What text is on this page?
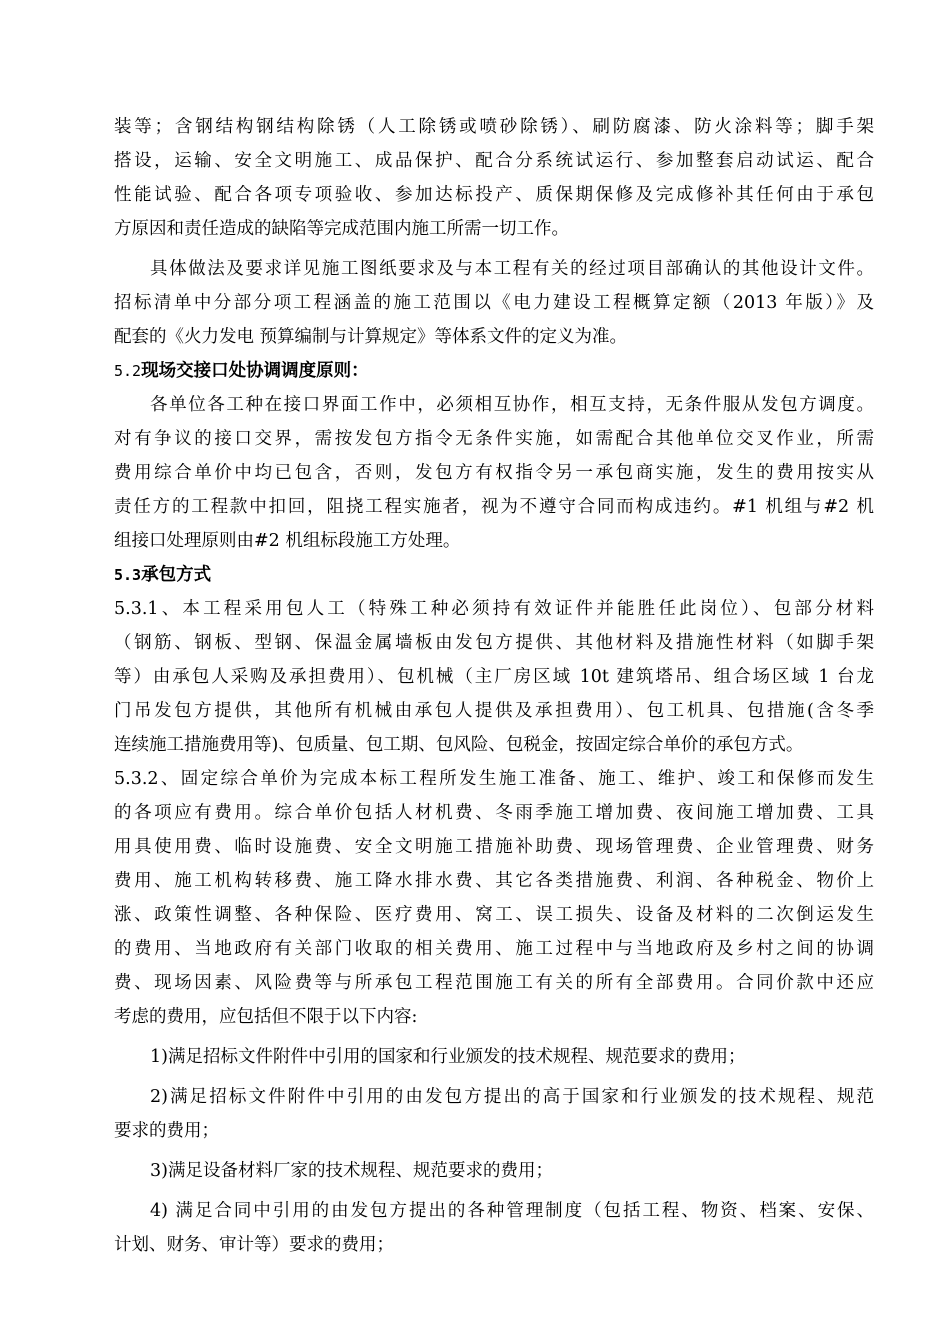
装等；含钢结构钢结构除锈（人工除锈或喷砂除锈）、刷防腐漆、防火涂料等；脚手架
搭设，运输、安全文明施工、成品保护、配合分系统试运行、参加整套启动试运、配合
性能试验、配合各项专项验收、参加达标投产、质保期保修及完成修补其任何由于承包
方原因和责任造成的缺陷等完成范围内施工所需一切工作。

具体做法及要求详见施工图纸要求及与本工程有关的经过项目部确认的其他设计文件。
招标清单中分部分项工程涵盖的施工范围以《电力建设工程概算定额（2013 年版）》及
配套的《火力发电 预算编制与计算规定》等体系文件的定义为准。

5.2现场交接口处协调调度原则：

各单位各工种在接口界面工作中，必须相互协作，相互支持，无条件服从发包方调度。
对有争议的接口交界，需按发包方指令无条件实施，如需配合其他单位交叉作业，所需
费用综合单价中均已包含，否则，发包方有权指令另一承包商实施，发生的费用按实从
责任方的工程款中扣回，阻挠工程实施者，视为不遵守合同而构成违约。#1 机组与#2 机
组接口处理原则由#2 机组标段施工方处理。

5.3承包方式

5.3.1、本工程采用包人工（特殊工种必须持有效证件并能胜任此岗位）、包部分材料
（钢筋、钢板、型钢、保温金属墙板由发包方提供、其他材料及措施性材料（如脚手架
等）由承包人采购及承担费用）、包机械（主厂房区域 10t 建筑塔吊、组合场区域 1 台龙
门吊发包方提供，其他所有机械由承包人提供及承担费用）、包工机具、包措施(含冬季
连续施工措施费用等)、包质量、包工期、包风险、包税金，按固定综合单价的承包方式。

5.3.2、固定综合单价为完成本标工程所发生施工准备、施工、维护、竣工和保修而发生
的各项应有费用。综合单价包括人材机费、冬雨季施工增加费、夜间施工增加费、工具
用具使用费、临时设施费、安全文明施工措施补助费、现场管理费、企业管理费、财务
费用、施工机构转移费、施工降水排水费、其它各类措施费、利润、各种税金、物价上
涨、政策性调整、各种保险、医疗费用、窝工、误工损失、设备及材料的二次倒运发生
的费用、当地政府有关部门收取的相关费用、施工过程中与当地政府及乡村之间的协调
费、现场因素、风险费等与所承包工程范围施工有关的所有全部费用。合同价款中还应
考虑的费用，应包括但不限于以下内容:

1)满足招标文件附件中引用的国家和行业颁发的技术规程、规范要求的费用；

2)满足招标文件附件中引用的由发包方提出的高于国家和行业颁发的技术规程、规范
要求的费用；

3)满足设备材料厂家的技术规程、规范要求的费用；

4) 满足合同中引用的由发包方提出的各种管理制度（包括工程、物资、档案、安保、
计划、财务、审计等）要求的费用；
